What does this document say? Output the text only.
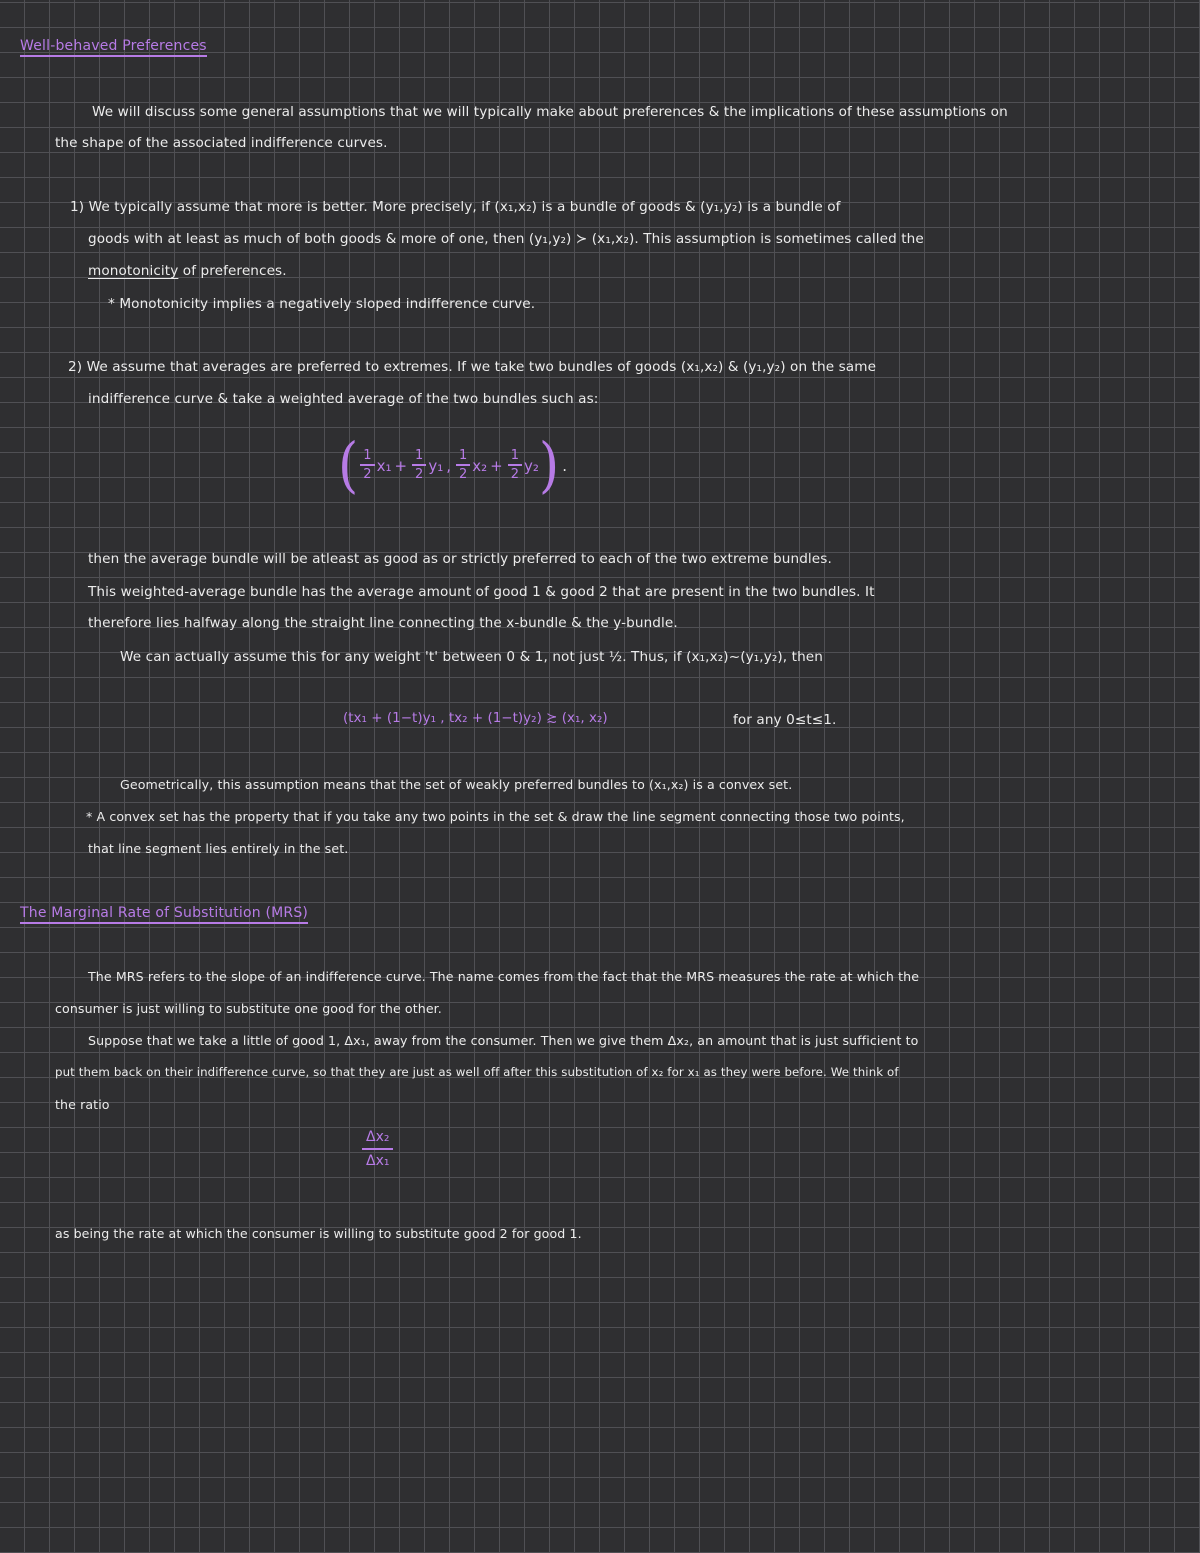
Well-behaved Preferences
We will discuss some general assumptions that we will typically make about preferences & the implications of these assumptions on
the shape of the associated indifference curves.
1) We typically assume that more is better. More precisely, if (x₁,x₂) is a bundle of goods & (y₁,y₂) is a bundle of
goods with at least as much of both goods & more of one, then (y₁,y₂) ≻ (x₁,x₂). This assumption is sometimes called the
monotonicity of preferences.
* Monotonicity implies a negatively sloped indifference curve.
2) We assume that averages are preferred to extremes. If we take two bundles of goods (x₁,x₂) & (y₁,y₂) on the same
indifference curve & take a weighted average of the two bundles such as:
( $\frac{1}{2} x_1 + \frac{1}{2} y_1$ , $\frac{1}{2} x_2 + \frac{1}{2} y_2$ ) .
then the average bundle will be atleast as good as or strictly preferred to each of the two extreme bundles.
This weighted-average bundle has the average amount of good 1 & good 2 that are present in the two bundles. It
therefore lies halfway along the straight line connecting the x-bundle & the y-bundle.
We can actually assume this for any weight 't' between 0 & 1, not just ½. Thus, if (x₁,x₂)~(y₁,y₂), then
(tx₁ + (1−t)y₁ , tx₂ + (1−t)y₂) ≿ (x₁, x₂)	for any 0≤t≤1.
Geometrically, this assumption means that the set of weakly preferred bundles to (x₁,x₂) is a convex set.
* A convex set has the property that if you take any two points in the set & draw the line segment connecting those two points,
that line segment lies entirely in the set.
The Marginal Rate of Substitution (MRS)
The MRS refers to the slope of an indifference curve. The name comes from the fact that the MRS measures the rate at which the
consumer is just willing to substitute one good for the other.
Suppose that we take a little of good 1, Δx₁, away from the consumer. Then we give them Δx₂, an amount that is just sufficient to
put them back on their indifference curve, so that they are just as well off after this substitution of x₂ for x₁ as they were before. We think of
the ratio
$\frac{\text{Δx₂}}{\text{Δx₁}}$
as being the rate at which the consumer is willing to substitute good 2 for good 1.
